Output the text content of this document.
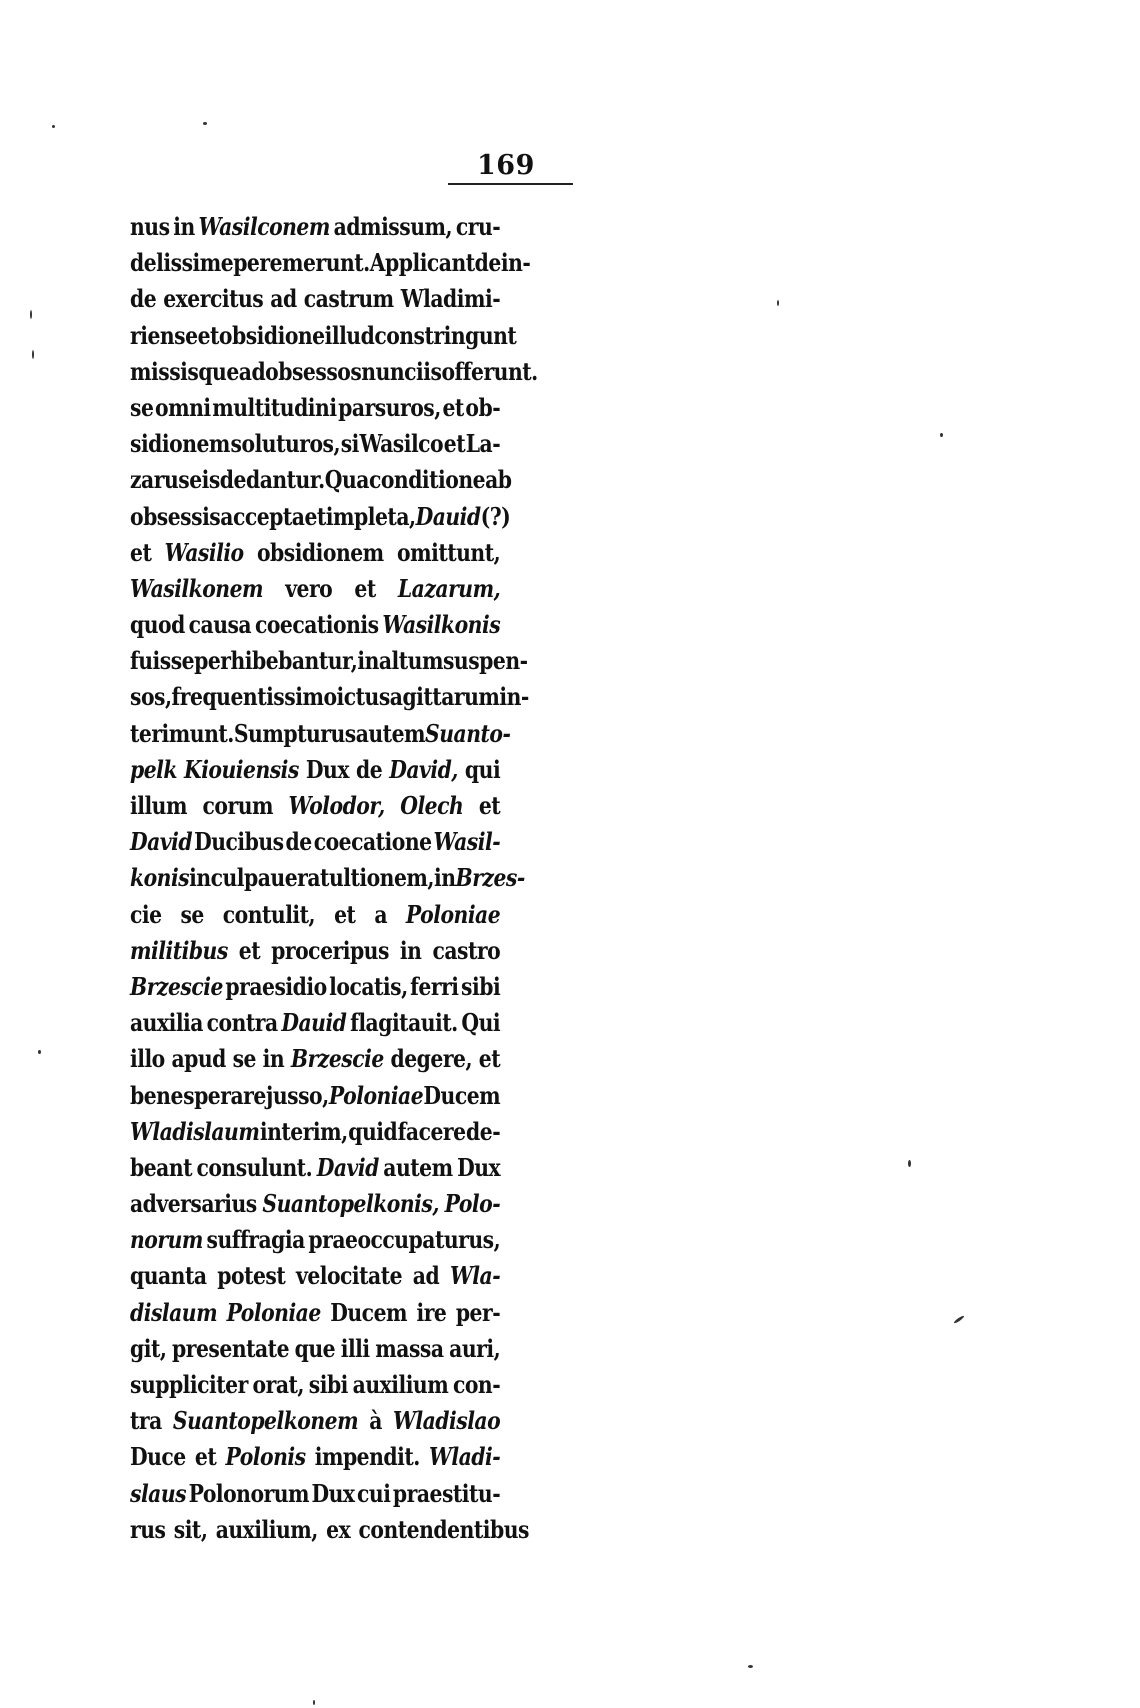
169
nus in Wasilconem admissum, cru-
delissime peremerunt. Applicant dein-
de exercitus ad castrum Wladimi-
riense et obsidione illud constringunt
missisque ad obsessos nunciis offerunt.
se omni multitudini parsuros, et ob-
sidionem soluturos, si Wasilco et La-
zarus eis dedantur. Qua conditione ab
obsessis accepta et impleta, Dauid (?)
et Wasilio obsidionem omittunt,
Wasilkonem vero et Lazarum,
quod causa coecationis Wasilkonis
fuisse perhibebantur, in altum suspen-
sos, frequentissimo ictu sagittarum in-
terimunt. Sumpturus autem Suanto-
pelk Kiouiensis Dux de David, qui
illum corum Wolodor, Olech et
David Ducibus de coecatione Wasil-
konis inculpauerat ultionem, in Brzes-
cie se contulit, et a Poloniae
militibus et proceripus in castro
Brzescie praesidio locatis, ferri sibi
auxilia contra Dauid flagitauit. Qui
illo apud se in Brzescie degere, et
bene sperare jusso, Poloniae Ducem
Wladislaum interim, quid facere de-
beant consulunt. David autem Dux
adversarius Suantopelkonis, Polo-
norum suffragia praeoccupaturus,
quanta potest velocitate ad Wla-
dislaum Poloniae Ducem ire per-
git, presentate que illi massa auri,
suppliciter orat, sibi auxilium con-
tra Suantopelkonem à Wladislao
Duce et Polonis impendit. Wladi-
slaus Polonorum Dux cui praestitu-
rus sit, auxilium, ex contendentibus
